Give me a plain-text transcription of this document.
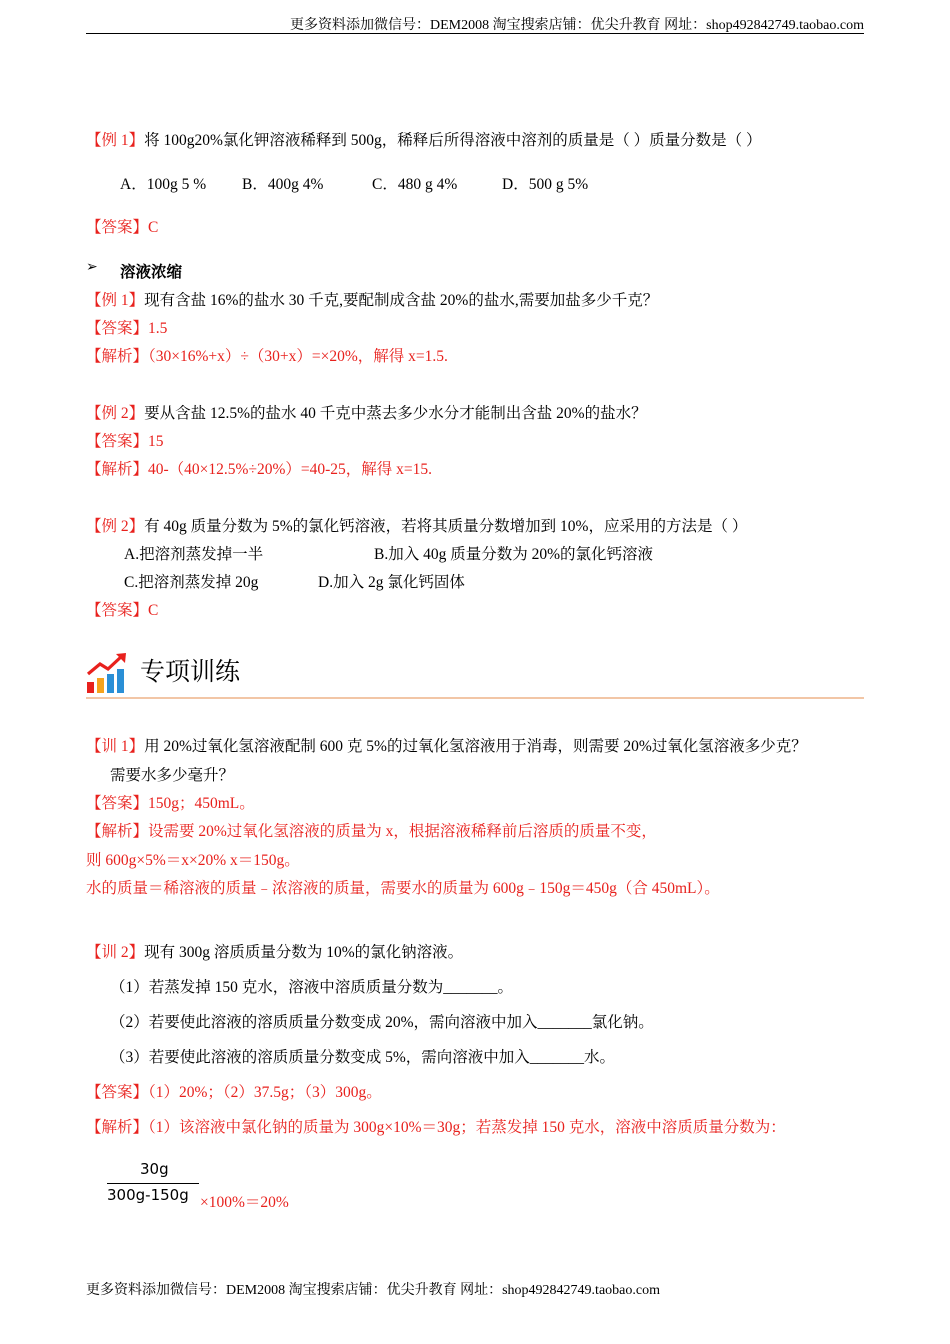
更多资料添加微信号：DEM2008 淘宝搜索店铺：优尖升教育 网址：shop492842749.taobao.com
【例 1】将 100g20%氯化钾溶液稀释到 500g，稀释后所得溶液中溶剂的质量是（ ）质量分数是（ ）
A．100g 5 % B．400g 4%	C．480 g 4%	D．500 g 5%
【答案】C
➢ 溶液浓缩
【例 1】现有含盐 16%的盐水 30 千克,要配制成含盐 20%的盐水,需要加盐多少千克？
【答案】1.5
【解析】（30×16%+x）÷（30+x）=×20%，解得 x=1.5.
【例 2】要从含盐 12.5%的盐水 40 千克中蒸去多少水分才能制出含盐 20%的盐水？
【答案】15
【解析】40-（40×12.5%÷20%）=40-25，解得 x=15.
【例 2】有 40g 质量分数为 5%的氯化钙溶液，若将其质量分数增加到 10%，应采用的方法是（ ）
A.把溶剂蒸发掉一半	B.加入 40g 质量分数为 20%的氯化钙溶液
C.把溶剂蒸发掉 20g	D.加入 2g 氯化钙固体
【答案】C
专项训练
【训 1】用 20%过氧化氢溶液配制 600 克 5%的过氧化氢溶液用于消毒，则需要 20%过氧化氢溶液多少克？
需要水多少毫升？
【答案】150g；450mL。
【解析】设需要 20%过氧化氢溶液的质量为 x，根据溶液稀释前后溶质的质量不变，
则 600g×5%＝x×20% x＝150g。
水的质量＝稀溶液的质量﹣浓溶液的质量，需要水的质量为 600g﹣150g＝450g（合 450mL）。
【训 2】现有 300g 溶质质量分数为 10%的氯化钠溶液。
（1）若蒸发掉 150 克水，溶液中溶质质量分数为_______。
（2）若要使此溶液的溶质质量分数变成 20%，需向溶液中加入_______氯化钠。
（3）若要使此溶液的溶质质量分数变成 5%，需向溶液中加入_______水。
【答案】（1）20%；（2）37.5g；（3）300g。
【解析】（1）该溶液中氯化钠的质量为 300g×10%＝30g；若蒸发掉 150 克水，溶液中溶质质量分数为：
30g
300g-150g ×100%＝20%
更多资料添加微信号：DEM2008 淘宝搜索店铺：优尖升教育 网址：shop492842749.taobao.com
